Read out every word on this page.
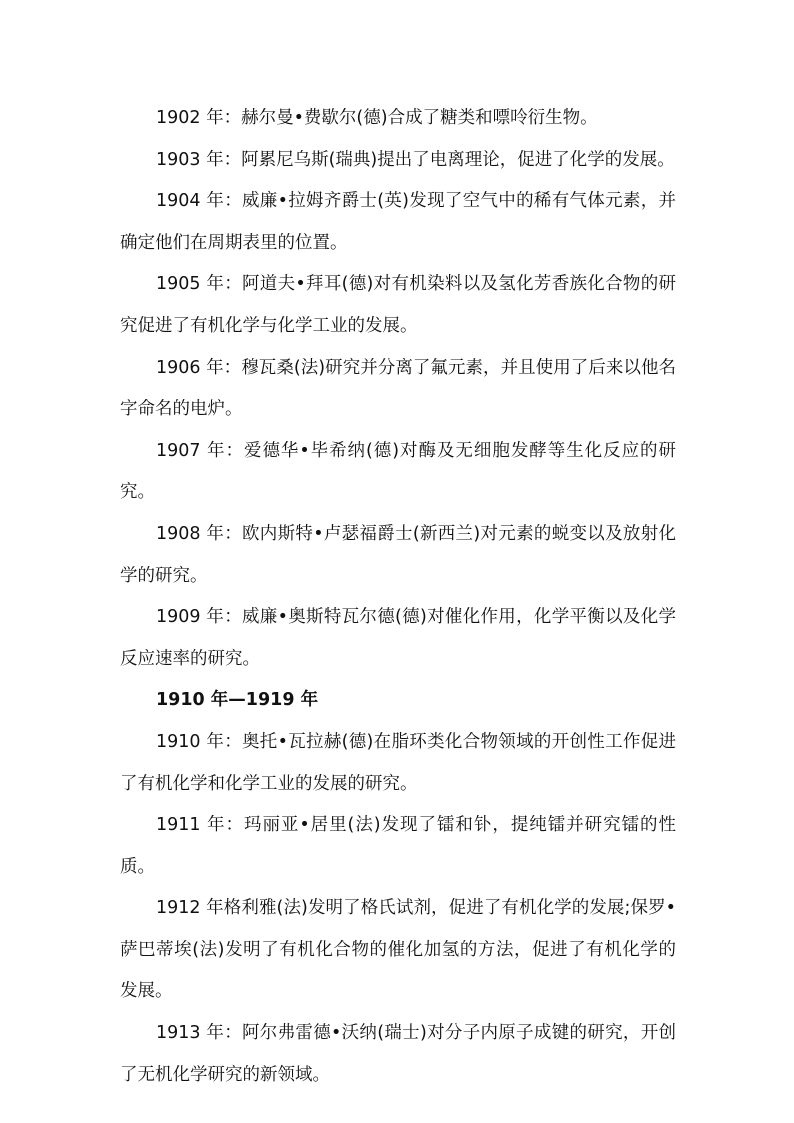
1902 年：赫尔曼•费歇尔(德)合成了糖类和嘌呤衍生物。

1903 年：阿累尼乌斯(瑞典)提出了电离理论，促进了化学的发展。

1904 年：威廉•拉姆齐爵士(英)发现了空气中的稀有气体元素，并确定他们在周期表里的位置。

1905 年：阿道夫•拜耳(德)对有机染料以及氢化芳香族化合物的研究促进了有机化学与化学工业的发展。

1906 年：穆瓦桑(法)研究并分离了氟元素，并且使用了后来以他名字命名的电炉。

1907 年：爱德华•毕希纳(德)对酶及无细胞发酵等生化反应的研究。

1908 年：欧内斯特•卢瑟福爵士(新西兰)对元素的蜕变以及放射化学的研究。

1909 年：威廉•奥斯特瓦尔德(德)对催化作用，化学平衡以及化学反应速率的研究。

1910 年—1919 年

1910 年：奥托•瓦拉赫(德)在脂环类化合物领域的开创性工作促进了有机化学和化学工业的发展的研究。

1911 年：玛丽亚•居里(法)发现了镭和钋，提纯镭并研究镭的性质。

1912 年格利雅(法)发明了格氏试剂，促进了有机化学的发展;保罗•萨巴蒂埃(法)发明了有机化合物的催化加氢的方法，促进了有机化学的发展。

1913 年：阿尔弗雷德•沃纳(瑞士)对分子内原子成键的研究，开创了无机化学研究的新领域。
